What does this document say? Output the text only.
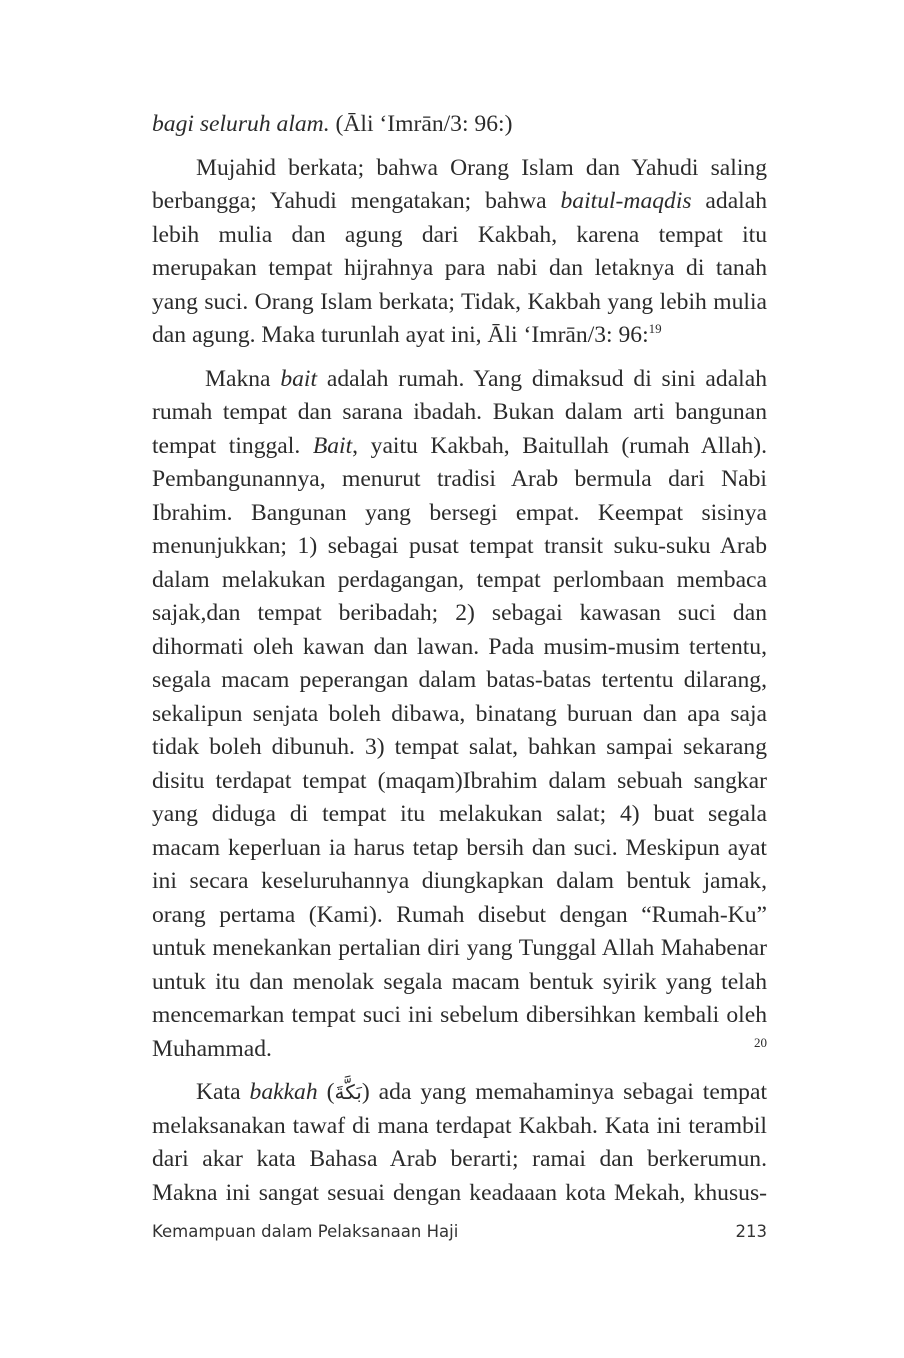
bagi seluruh alam. (Āli ‘Imrān/3: 96:)

Mujahid berkata; bahwa Orang Islam dan Yahudi saling berbangga; Yahudi mengatakan; bahwa baitul-maqdis adalah lebih mulia dan agung dari Kakbah, karena tempat itu merupakan tempat hijrahnya para nabi dan letaknya di tanah yang suci. Orang Islam berkata; Tidak, Kakbah yang lebih mulia dan agung. Maka turunlah ayat ini, Āli ‘Imrān/3: 96:$^{19}$

Makna bait adalah rumah. Yang dimaksud di sini adalah rumah tempat dan sarana ibadah. Bukan dalam arti bangunan tempat tinggal. Bait, yaitu Kakbah, Baitullah (rumah Allah). Pembangunannya, menurut tradisi Arab bermula dari Nabi Ibrahim. Bangunan yang bersegi empat. Keempat sisinya menunjukkan; 1) sebagai pusat tempat transit suku-suku Arab dalam melakukan perdagangan, tempat perlombaan membaca sajak,dan tempat beribadah; 2) sebagai kawasan suci dan dihormati oleh kawan dan lawan. Pada musim-musim tertentu, segala macam peperangan dalam batas-batas tertentu dilarang, sekalipun senjata boleh dibawa, binatang buruan dan apa saja tidak boleh dibunuh. 3) tempat salat, bahkan sampai sekarang disitu terdapat tempat (maqam)Ibrahim dalam sebuah sangkar yang diduga di tempat itu melakukan salat; 4) buat segala macam keperluan ia harus tetap bersih dan suci. Meskipun ayat ini secara keseluruhannya diungkapkan dalam bentuk jamak, orang pertama (Kami). Rumah disebut dengan “Rumah-Ku” untuk menekankan pertalian diri yang Tunggal Allah Mahabenar untuk itu dan menolak segala macam bentuk syirik yang telah mencemarkan tempat suci ini sebelum dibersihkan kembali oleh Muhammad. $^{20}$

Kata bakkah (بَكَّةَ) ada yang memahaminya sebagai tempat melaksanakan tawaf di mana terdapat Kakbah. Kata ini terambil dari akar kata Bahasa Arab berarti; ramai dan berkerumun. Makna ini sangat sesuai dengan keadaaan kota Mekah, khusus-

Kemampuan dalam Pelaksanaan Haji	213
